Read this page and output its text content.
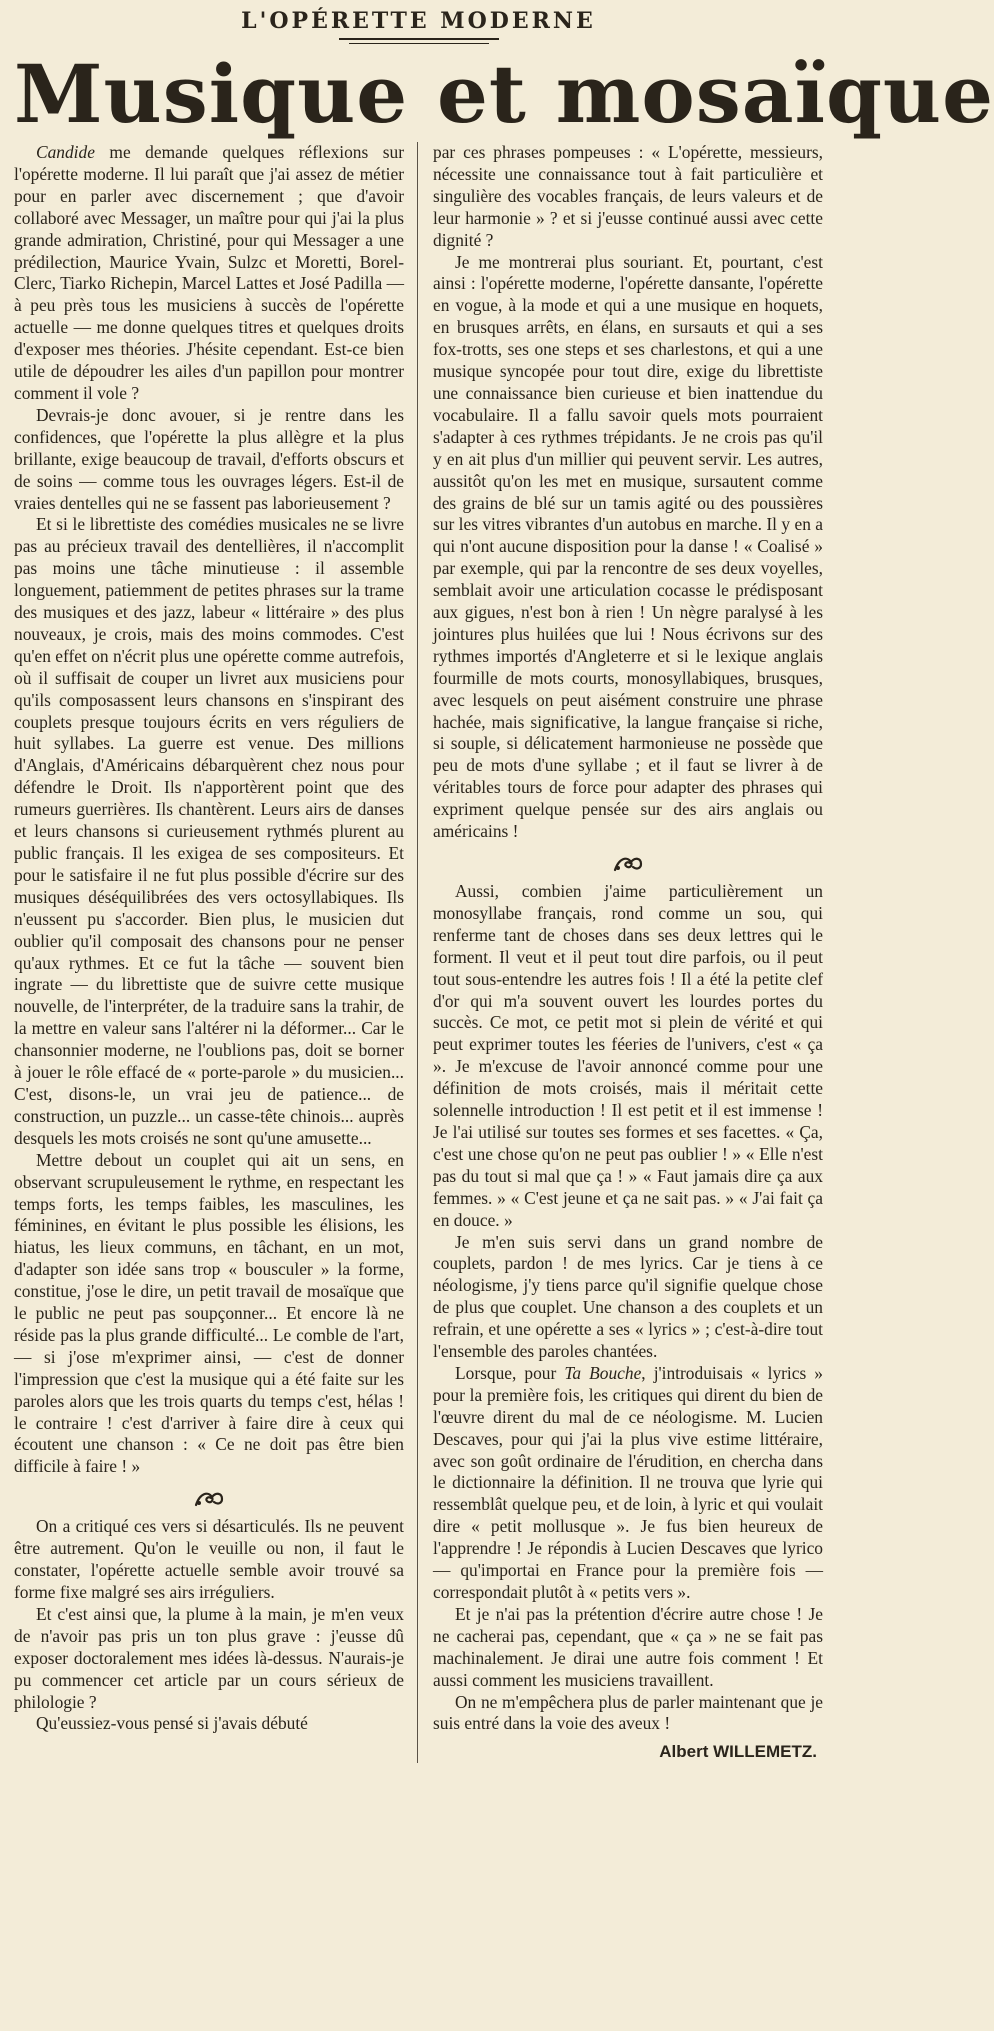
L'OPÉRETTE MODERNE
Musique et mosaïque

Candide me demande quelques réflexions sur l'opérette moderne. Il lui paraît que j'ai assez de métier pour en parler avec discernement ; que d'avoir collaboré avec Messager, un maître pour qui j'ai la plus grande admiration, Christiné, pour qui Messager a une prédilection, Maurice Yvain, Sulzc et Moretti, Borel-Clerc, Tiarko Richepin, Marcel Lattes et José Padilla — à peu près tous les musiciens à succès de l'opérette actuelle — me donne quelques titres et quelques droits d'exposer mes théories. J'hésite cependant. Est-ce bien utile de dépoudrer les ailes d'un papillon pour montrer comment il vole ?

Devrais-je donc avouer, si je rentre dans les confidences, que l'opérette la plus allègre et la plus brillante, exige beaucoup de travail, d'efforts obscurs et de soins — comme tous les ouvrages légers. Est-il de vraies dentelles qui ne se fassent pas laborieusement ?

Et si le librettiste des comédies musicales ne se livre pas au précieux travail des dentellières, il n'accomplit pas moins une tâche minutieuse : il assemble longuement, patiemment de petites phrases sur la trame des musiques et des jazz, labeur « littéraire » des plus nouveaux, je crois, mais des moins commodes. C'est qu'en effet on n'écrit plus une opérette comme autrefois, où il suffisait de couper un livret aux musiciens pour qu'ils composassent leurs chansons en s'inspirant des couplets presque toujours écrits en vers réguliers de huit syllabes. La guerre est venue. Des millions d'Anglais, d'Américains débarquèrent chez nous pour défendre le Droit. Ils n'apportèrent point que des rumeurs guerrières. Ils chantèrent. Leurs airs de danses et leurs chansons si curieusement rythmés plurent au public français. Il les exigea de ses compositeurs. Et pour le satisfaire il ne fut plus possible d'écrire sur des musiques déséquilibrées des vers octosyllabiques. Ils n'eussent pu s'accorder. Bien plus, le musicien dut oublier qu'il composait des chansons pour ne penser qu'aux rythmes. Et ce fut la tâche — souvent bien ingrate — du librettiste que de suivre cette musique nouvelle, de l'interpréter, de la traduire sans la trahir, de la mettre en valeur sans l'altérer ni la déformer... Car le chansonnier moderne, ne l'oublions pas, doit se borner à jouer le rôle effacé de « porte-parole » du musicien... C'est, disons-le, un vrai jeu de patience... de construction, un puzzle... un casse-tête chinois... auprès desquels les mots croisés ne sont qu'une amusette...

Mettre debout un couplet qui ait un sens, en observant scrupuleusement le rythme, en respectant les temps forts, les temps faibles, les masculines, les féminines, en évitant le plus possible les élisions, les hiatus, les lieux communs, en tâchant, en un mot, d'adapter son idée sans trop « bousculer » la forme, constitue, j'ose le dire, un petit travail de mosaïque que le public ne peut pas soupçonner... Et encore là ne réside pas la plus grande difficulté... Le comble de l'art, — si j'ose m'exprimer ainsi, — c'est de donner l'impression que c'est la musique qui a été faite sur les paroles alors que les trois quarts du temps c'est, hélas ! le contraire ! c'est d'arriver à faire dire à ceux qui écoutent une chanson : « Ce ne doit pas être bien difficile à faire ! »

On a critiqué ces vers si désarticulés. Ils ne peuvent être autrement. Qu'on le veuille ou non, il faut le constater, l'opérette actuelle semble avoir trouvé sa forme fixe malgré ses airs irréguliers.

Et c'est ainsi que, la plume à la main, je m'en veux de n'avoir pas pris un ton plus grave : j'eusse dû exposer doctoralement mes idées là-dessus. N'aurais-je pu commencer cet article par un cours sérieux de philologie ?

Qu'eussiez-vous pensé si j'avais débuté

par ces phrases pompeuses : « L'opérette, messieurs, nécessite une connaissance tout à fait particulière et singulière des vocables français, de leurs valeurs et de leur harmonie » ? et si j'eusse continué aussi avec cette dignité ?

Je me montrerai plus souriant. Et, pourtant, c'est ainsi : l'opérette moderne, l'opérette dansante, l'opérette en vogue, à la mode et qui a une musique en hoquets, en brusques arrêts, en élans, en sursauts et qui a ses fox-trotts, ses one steps et ses charlestons, et qui a une musique syncopée pour tout dire, exige du librettiste une connaissance bien curieuse et bien inattendue du vocabulaire. Il a fallu savoir quels mots pourraient s'adapter à ces rythmes trépidants. Je ne crois pas qu'il y en ait plus d'un millier qui peuvent servir. Les autres, aussitôt qu'on les met en musique, sursautent comme des grains de blé sur un tamis agité ou des poussières sur les vitres vibrantes d'un autobus en marche. Il y en a qui n'ont aucune disposition pour la danse ! « Coalisé » par exemple, qui par la rencontre de ses deux voyelles, semblait avoir une articulation cocasse le prédisposant aux gigues, n'est bon à rien ! Un nègre paralysé à les jointures plus huilées que lui ! Nous écrivons sur des rythmes importés d'Angleterre et si le lexique anglais fourmille de mots courts, monosyllabiques, brusques, avec lesquels on peut aisément construire une phrase hachée, mais significative, la langue française si riche, si souple, si délicatement harmonieuse ne possède que peu de mots d'une syllabe ; et il faut se livrer à de véritables tours de force pour adapter des phrases qui expriment quelque pensée sur des airs anglais ou américains !

Aussi, combien j'aime particulièrement un monosyllabe français, rond comme un sou, qui renferme tant de choses dans ses deux lettres qui le forment. Il veut et il peut tout dire parfois, ou il peut tout sous-entendre les autres fois ! Il a été la petite clef d'or qui m'a souvent ouvert les lourdes portes du succès. Ce mot, ce petit mot si plein de vérité et qui peut exprimer toutes les féeries de l'univers, c'est « ça ». Je m'excuse de l'avoir annoncé comme pour une définition de mots croisés, mais il méritait cette solennelle introduction ! Il est petit et il est immense ! Je l'ai utilisé sur toutes ses formes et ses facettes. « Ça, c'est une chose qu'on ne peut pas oublier ! » « Elle n'est pas du tout si mal que ça ! » « Faut jamais dire ça aux femmes. » « C'est jeune et ça ne sait pas. » « J'ai fait ça en douce. »

Je m'en suis servi dans un grand nombre de couplets, pardon ! de mes lyrics. Car je tiens à ce néologisme, j'y tiens parce qu'il signifie quelque chose de plus que couplet. Une chanson a des couplets et un refrain, et une opérette a ses « lyrics » ; c'est-à-dire tout l'ensemble des paroles chantées.

Lorsque, pour Ta Bouche, j'introduisais « lyrics » pour la première fois, les critiques qui dirent du bien de l'œuvre dirent du mal de ce néologisme. M. Lucien Descaves, pour qui j'ai la plus vive estime littéraire, avec son goût ordinaire de l'érudition, en chercha dans le dictionnaire la définition. Il ne trouva que lyrie qui ressemblât quelque peu, et de loin, à lyric et qui voulait dire « petit mollusque ». Je fus bien heureux de l'apprendre ! Je répondis à Lucien Descaves que lyrico — qu'importai en France pour la première fois — correspondait plutôt à « petits vers ».

Et je n'ai pas la prétention d'écrire autre chose ! Je ne cacherai pas, cependant, que « ça » ne se fait pas machinalement. Je dirai une autre fois comment ! Et aussi comment les musiciens travaillent.

On ne m'empêchera plus de parler maintenant que je suis entré dans la voie des aveux !

Albert WILLEMETZ.
